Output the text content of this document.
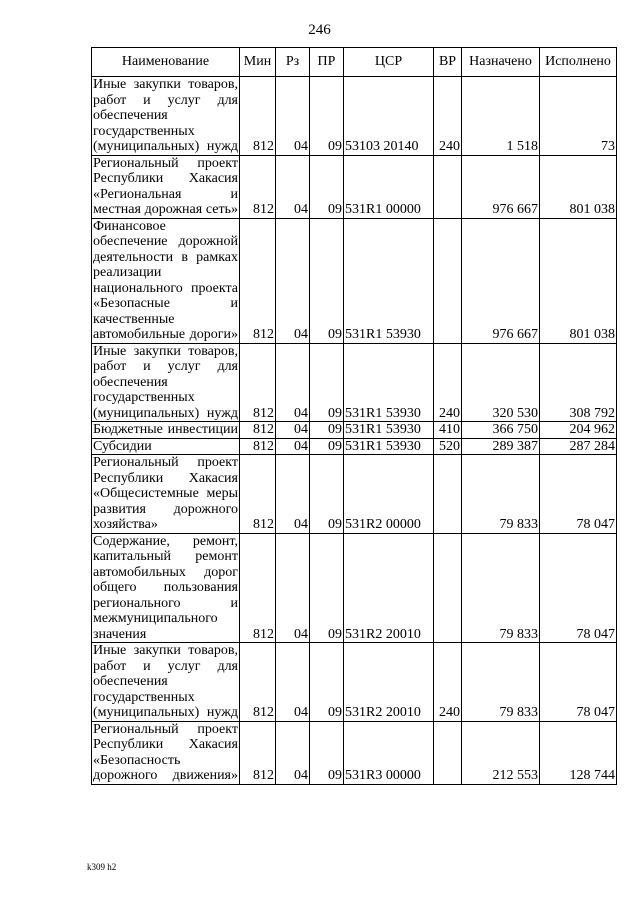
246
Наименование	Мин	Рз	ПР	ЦСР	ВР	Назначено	Исполнено
Иные закупки товаров, работ и услуг для обеспечения государственных (муниципальных) нужд	812	04	09	53103 20140	240	1 518	73
Региональный проект Республики Хакасия «Региональная и местная дорожная сеть»	812	04	09	531R1 00000		976 667	801 038
Финансовое обеспечение дорожной деятельности в рамках реализации национального проекта «Безопасные и качественные автомобильные дороги»	812	04	09	531R1 53930		976 667	801 038
Иные закупки товаров, работ и услуг для обеспечения государственных (муниципальных) нужд	812	04	09	531R1 53930	240	320 530	308 792
Бюджетные инвестиции	812	04	09	531R1 53930	410	366 750	204 962
Субсидии	812	04	09	531R1 53930	520	289 387	287 284
Региональный проект Республики Хакасия «Общесистемные меры развития дорожного хозяйства»	812	04	09	531R2 00000		79 833	78 047
Содержание, ремонт, капитальный ремонт автомобильных дорог общего пользования регионального и межмуниципального значения	812	04	09	531R2 20010		79 833	78 047
Иные закупки товаров, работ и услуг для обеспечения государственных (муниципальных) нужд	812	04	09	531R2 20010	240	79 833	78 047
Региональный проект Республики Хакасия «Безопасность дорожного движения»	812	04	09	531R3 00000		212 553	128 744
k309 h2
